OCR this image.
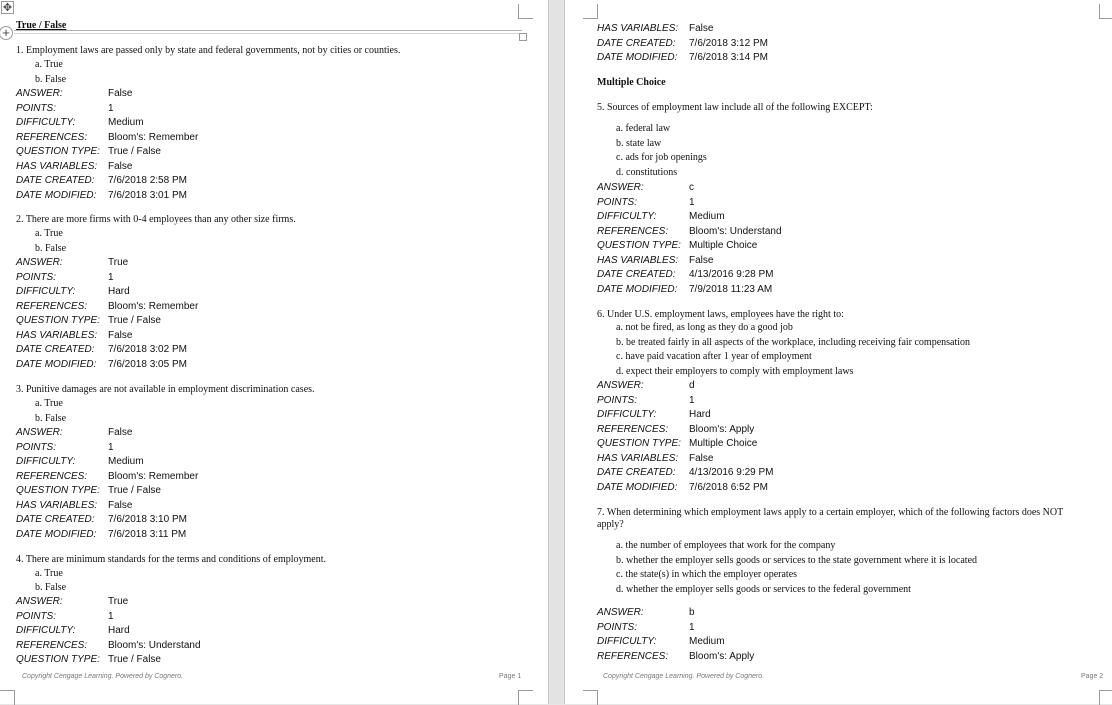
✥
+ True / False
1. Employment laws are passed only by state and federal governments, not by cities or counties.
a. True
b. False
ANSWER:	False
POINTS:	1
DIFFICULTY:	Medium
REFERENCES: Bloom's: Remember
QUESTION TYPE: True / False
HAS VARIABLES: False
DATE CREATED: 7/6/2018 2:58 PM
DATE MODIFIED: 7/6/2018 3:01 PM
2. There are more firms with 0-4 employees than any other size firms.
a. True
b. False
ANSWER:	True
POINTS:	1
DIFFICULTY:	Hard
REFERENCES: Bloom's: Remember
QUESTION TYPE: True / False
HAS VARIABLES: False
DATE CREATED: 7/6/2018 3:02 PM
DATE MODIFIED: 7/6/2018 3:05 PM
3. Punitive damages are not available in employment discrimination cases.
a. True
b. False
ANSWER:	False
POINTS:	1
DIFFICULTY:	Medium
REFERENCES: Bloom's: Remember
QUESTION TYPE: True / False
HAS VARIABLES: False
DATE CREATED: 7/6/2018 3:10 PM
DATE MODIFIED: 7/6/2018 3:11 PM
4. There are minimum standards for the terms and conditions of employment.
a. True
b. False
ANSWER:	True
POINTS:	1
DIFFICULTY:	Hard
REFERENCES: Bloom's: Understand
QUESTION TYPE: True / False
Copyright Cengage Learning. Powered by Cognero.	Page 1
HAS VARIABLES: False
DATE CREATED: 7/6/2018 3:12 PM
DATE MODIFIED: 7/6/2018 3:14 PM
Multiple Choice
5. Sources of employment law include all of the following EXCEPT:
a. federal law
b. state law
c. ads for job openings
d. constitutions
ANSWER:	c
POINTS:	1
DIFFICULTY:	Medium
REFERENCES: Bloom's: Understand
QUESTION TYPE: Multiple Choice
HAS VARIABLES: False
DATE CREATED: 4/13/2016 9:28 PM
DATE MODIFIED: 7/9/2018 11:23 AM
6. Under U.S. employment laws, employees have the right to:
a. not be fired, as long as they do a good job
b. be treated fairly in all aspects of the workplace, including receiving fair compensation
c. have paid vacation after 1 year of employment
d. expect their employers to comply with employment laws
ANSWER:	d
POINTS:	1
DIFFICULTY:	Hard
REFERENCES: Bloom's: Apply
QUESTION TYPE: Multiple Choice
HAS VARIABLES: False
DATE CREATED: 4/13/2016 9:29 PM
DATE MODIFIED: 7/6/2018 6:52 PM
7. When determining which employment laws apply to a certain employer, which of the following factors does NOT
apply?
a. the number of employees that work for the company
b. whether the employer sells goods or services to the state government where it is located
c. the state(s) in which the employer operates
d. whether the employer sells goods or services to the federal government
ANSWER:	b
POINTS:	1
DIFFICULTY:	Medium
REFERENCES: Bloom's: Apply
Copyright Cengage Learning. Powered by Cognero.	Page 2
